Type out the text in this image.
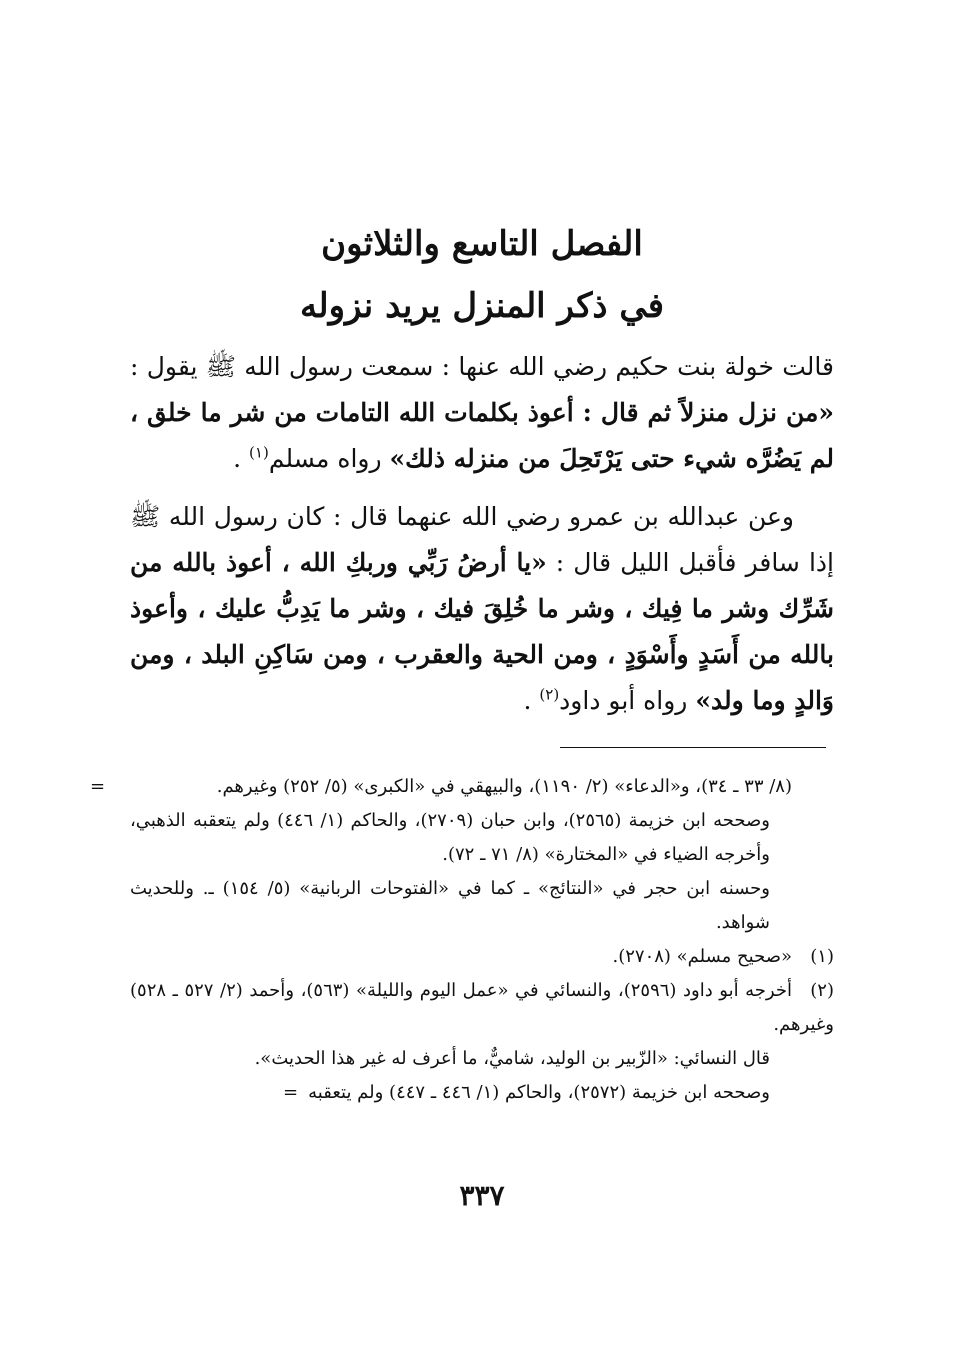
الفصل التاسع والثلاثون
في ذكر المنزل يريد نزوله
قالت خولة بنت حكيم رضي الله عنها : سمعت رسول الله ﷺ يقول : «من نزل منزلاً ثم قال : أعوذ بكلمات الله التامات من شر ما خلق ، لم يَضُرَّه شيء حتى يَرْتَحِلَ من منزله ذلك» رواه مسلم$^{(١)}$ .
وعن عبدالله بن عمرو رضي الله عنهما قال : كان رسول الله ﷺ إذا سافر فأقبل الليل قال : «يا أرضُ رَبِّي وربكِ الله ، أعوذ بالله من شَرِّك وشر ما فِيك ، وشر ما خُلِقَ فيك ، وشر ما يَدِبُّ عليك ، وأعوذ بالله من أَسَدٍ وأَسْوَدٍ ، ومن الحية والعقرب ، ومن سَاكِنِ البلد ، ومن وَالدٍ وما ولد» رواه أبو داود$^{(٢)}$ .
=	(٨/ ٣٣ ـ ٣٤)، و«الدعاء» (٢/ ١١٩٠)، والبيهقي في «الكبرى» (٥/ ٢٥٢) وغيرهم.
وصححه ابن خزيمة (٢٥٦٥)، وابن حبان (٢٧٠٩)، والحاكم (١/ ٤٤٦) ولم يتعقبه الذهبي، وأخرجه الضياء في «المختارة» (٨/ ٧١ ـ ٧٢).
وحسنه ابن حجر في «النتائج» ـ كما في «الفتوحات الربانية» (٥/ ١٥٤) ـ. وللحديث شواهد.
(١)«صحيح مسلم» (٢٧٠٨).
(٢)أخرجه أبو داود (٢٥٩٦)، والنسائي في «عمل اليوم والليلة» (٥٦٣)، وأحمد (٢/ ٥٢٧ ـ ٥٢٨) وغيرهم.
قال النسائي: «الزّبير بن الوليد، شاميٌّ، ما أعرف له غير هذا الحديث».
وصححه ابن خزيمة (٢٥٧٢)، والحاكم (١/ ٤٤٦ ـ ٤٤٧) ولم يتعقبه=
٣٣٧
